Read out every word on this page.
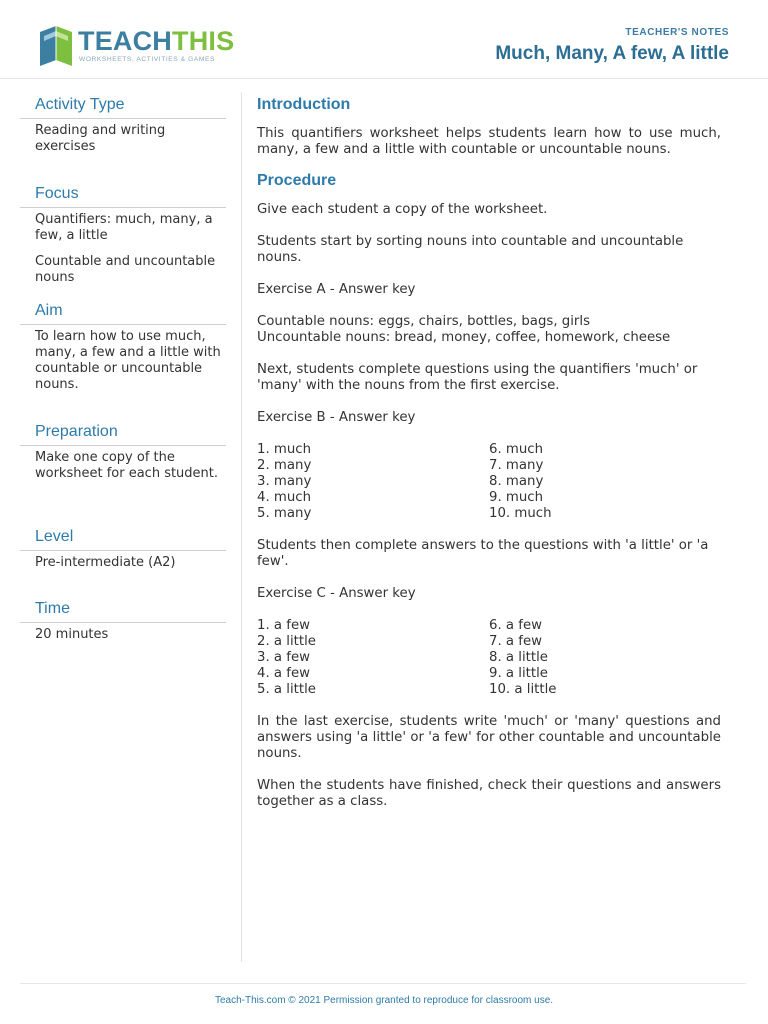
TEACHTHIS
WORKSHEETS, ACTIVITIES & GAMES
TEACHER'S NOTES
Much, Many, A few, A little
Activity Type

Reading and writing exercises

Focus

Quantifiers: much, many, a few, a little

Countable and uncountable nouns

Aim

To learn how to use much, many, a few and a little with countable or uncountable nouns.

Preparation

Make one copy of the worksheet for each student.

Level

Pre-intermediate (A2)

Time

20 minutes

Introduction

This quantifiers worksheet helps students learn how to use much, many, a few and a little with countable or uncountable nouns.

Procedure

Give each student a copy of the worksheet.

Students start by sorting nouns into countable and uncountable nouns.

Exercise A - Answer key

Countable nouns: eggs, chairs, bottles, bags, girls

Uncountable nouns: bread, money, coffee, homework, cheese

Next, students complete questions using the quantifiers 'much' or 'many' with the nouns from the first exercise.

Exercise B - Answer key

1. much
2. many
3. many
4. much
5. many
6. much
7. many
8. many
9. much
10. much

Students then complete answers to the questions with 'a little' or 'a few'.

Exercise C - Answer key

1. a few
2. a little
3. a few
4. a few
5. a little
6. a few
7. a few
8. a little
9. a little
10. a little

In the last exercise, students write 'much' or 'many' questions and answers using 'a little' or 'a few' for other countable and uncountable nouns.

When the students have finished, check their questions and answers together as a class.

Teach-This.com © 2021 Permission granted to reproduce for classroom use.
